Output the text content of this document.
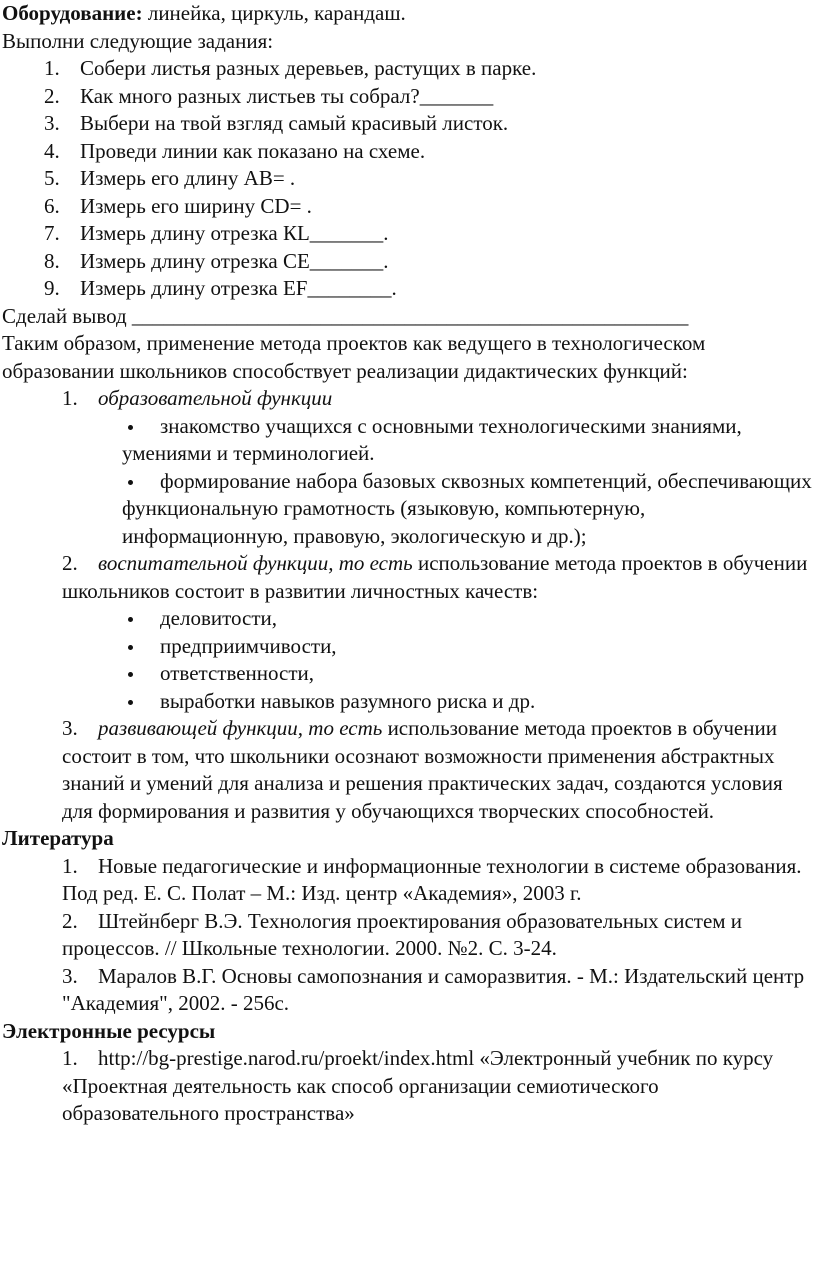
Оборудование: линейка, циркуль, карандаш.

Выполни следующие задания:

1. Собери листья разных деревьев, растущих в парке.
2. Как много разных листьев ты собрал?_______
3. Выбери на твой взгляд самый красивый листок.
4. Проведи линии как показано на схеме.
5. Измерь его длину АВ= .
6. Измерь его ширину CD= .
7. Измерь длину отрезка КL_______.
8. Измерь длину отрезка СЕ_______.
9. Измерь длину отрезка EF________.

Сделай вывод _____________________________________________________

Таким образом, применение метода проектов как ведущего в технологическом образовании школьников способствует реализации дидактических функций:

1. образовательной функции

знакомство учащихся с основными технологическими знаниями, умениями и терминологией.
формирование набора базовых сквозных компетенций, обеспечивающих функциональную грамотность (языковую, компьютерную, информационную, правовую, экологическую и др.);

2. воспитательной функции, то есть использование метода проектов в обучении школьников состоит в развитии личностных качеств:

деловитости,
предприимчивости,
ответственности,
выработки навыков разумного риска и др.

3. развивающей функции, то есть использование метода проектов в обучении состоит в том, что школьники осознают возможности применения абстрактных знаний и умений для анализа и решения практических задач, создаются условия для формирования и развития у обучающихся творческих способностей.

Литература

1. Новые педагогические и информационные технологии в системе образования. Под ред. Е. С. Полат – М.: Изд. центр «Академия», 2003 г.

2. Штейнберг В.Э. Технология проектирования образовательных систем и процессов. // Школьные технологии. 2000. №2. С. 3-24.

3. Маралов В.Г. Основы самопознания и саморазвития. - М.: Издательский центр "Академия", 2002. - 256с.

Электронные ресурсы

1. http://bg-prestige.narod.ru/proekt/index.html «Электронный учебник по курсу «Проектная деятельность как способ организации семиотического образовательного пространства»
